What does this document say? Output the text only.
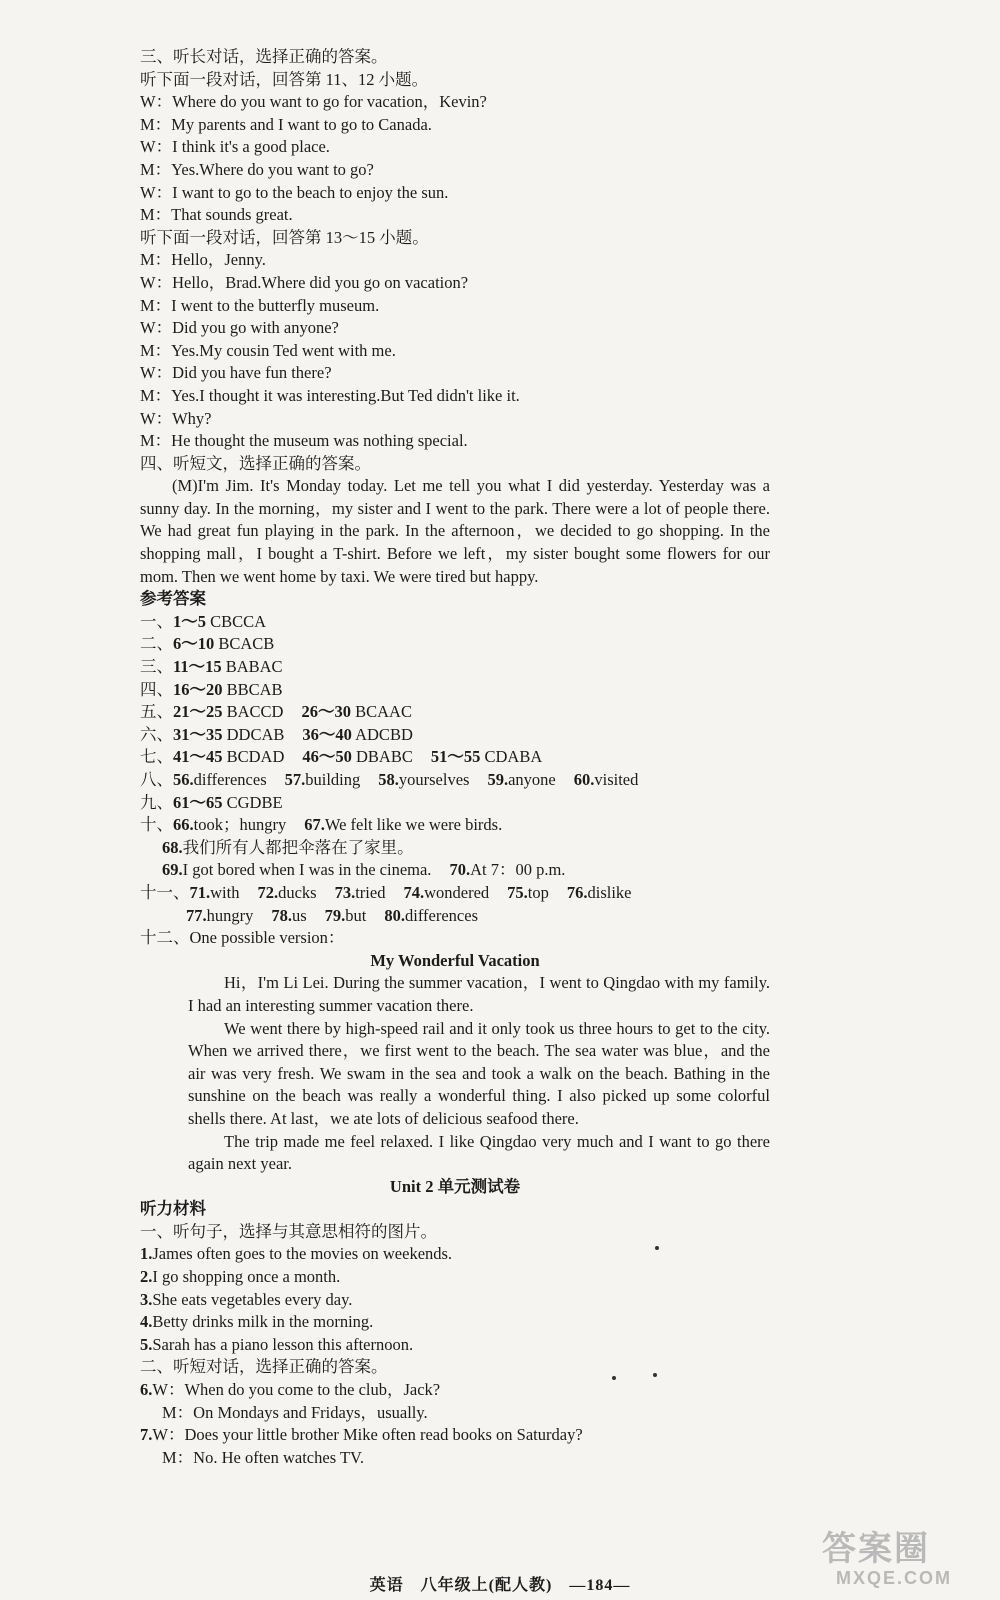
三、听长对话，选择正确的答案。
听下面一段对话，回答第 11、12 小题。
W：Where do you want to go for vacation，Kevin?
M：My parents and I want to go to Canada.
W：I think it's a good place.
M：Yes.Where do you want to go?
W：I want to go to the beach to enjoy the sun.
M：That sounds great.
听下面一段对话，回答第 13～15 小题。
M：Hello，Jenny.
W：Hello，Brad.Where did you go on vacation?
M：I went to the butterfly museum.
W：Did you go with anyone?
M：Yes.My cousin Ted went with me.
W：Did you have fun there?
M：Yes.I thought it was interesting.But Ted didn't like it.
W：Why?
M：He thought the museum was nothing special.
四、听短文，选择正确的答案。
(M)I'm Jim. It's Monday today. Let me tell you what I did yesterday. Yesterday was a sunny day. In the morning，my sister and I went to the park. There were a lot of people there. We had great fun playing in the park. In the afternoon，we decided to go shopping. In the shopping mall，I bought a T-shirt. Before we left，my sister bought some flowers for our mom. Then we went home by taxi. We were tired but happy.
参考答案
一、1～5 CBCCA
二、6～10 BCACB
三、11～15 BABAC
四、16～20 BBCAB
五、21～25 BACCD 26～30 BCAAC
六、31～35 DDCAB 36～40 ADCBD
七、41～45 BCDAD 46～50 DBABC 51～55 CDABA
八、56.differences 57.building 58.yourselves 59.anyone 60.visited
九、61～65 CGDBE
十、66.took；hungry 67.We felt like we were birds.
68.我们所有人都把伞落在了家里。
69.I got bored when I was in the cinema. 70.At 7：00 p.m.
十一、71.with 72.ducks 73.tried 74.wondered 75.top 76.dislike
77.hungry 78.us 79.but 80.differences
十二、One possible version：
My Wonderful Vacation

Hi，I'm Li Lei. During the summer vacation，I went to Qingdao with my family. I had an interesting summer vacation there.

We went there by high-speed rail and it only took us three hours to get to the city. When we arrived there，we first went to the beach. The sea water was blue，and the air was very fresh. We swam in the sea and took a walk on the beach. Bathing in the sunshine on the beach was really a wonderful thing. I also picked up some colorful shells there. At last，we ate lots of delicious seafood there.

The trip made me feel relaxed. I like Qingdao very much and I want to go there again next year.

Unit 2 单元测试卷
听力材料
一、听句子，选择与其意思相符的图片。
1.James often goes to the movies on weekends.
2.I go shopping once a month.
3.She eats vegetables every day.
4.Betty drinks milk in the morning.
5.Sarah has a piano lesson this afternoon.
二、听短对话，选择正确的答案。
6.W：When do you come to the club，Jack?
M：On Mondays and Fridays，usually.
7.W：Does your little brother Mike often read books on Saturday?
M：No. He often watches TV.
英语 八年级上(配人教) —184—
答案圈
MXQE.COM
